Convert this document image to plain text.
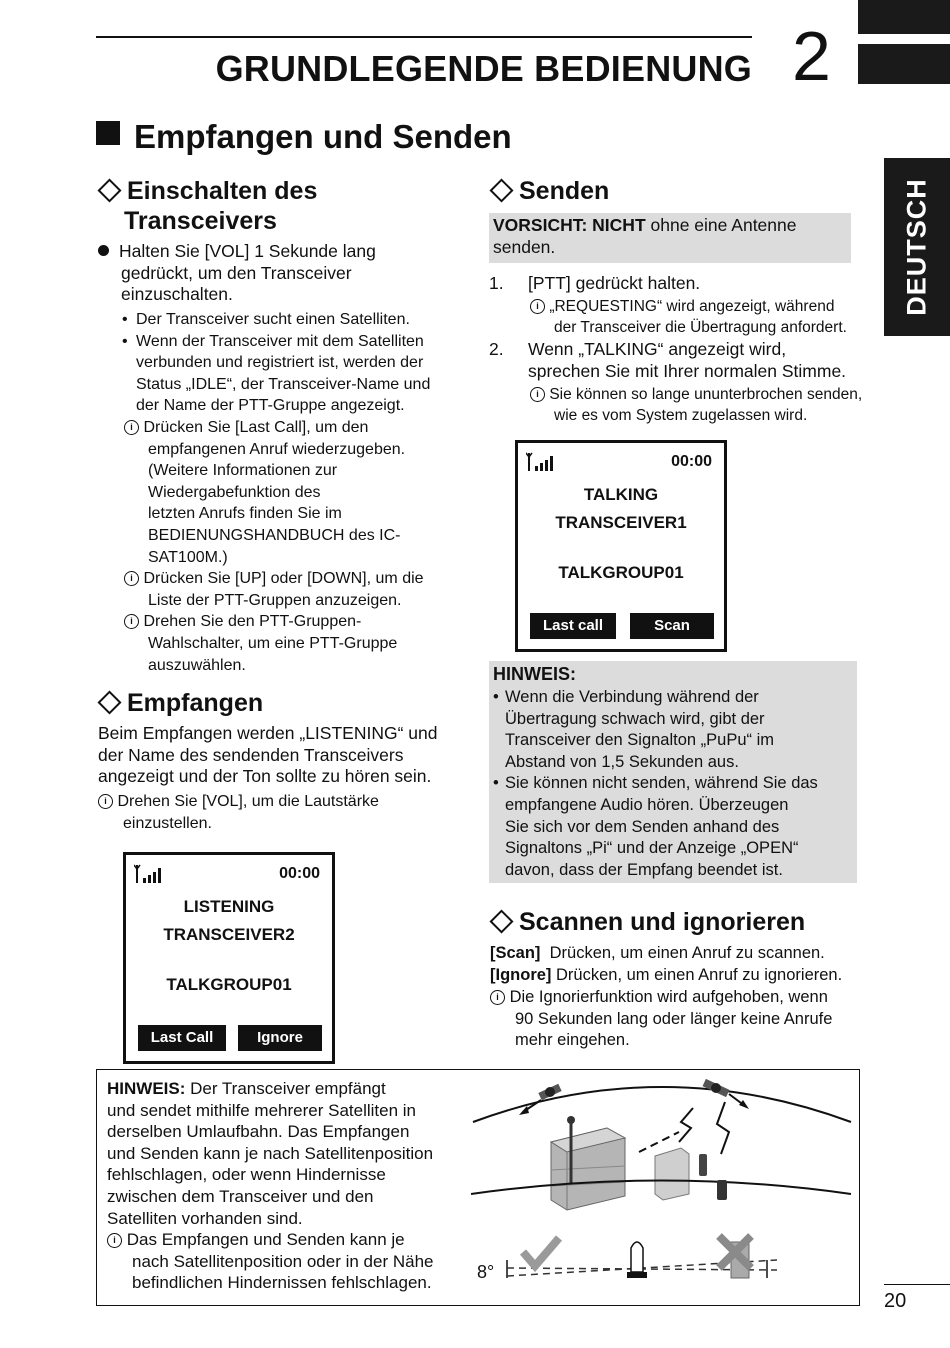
GRUNDLEGENDE BEDIENUNG 2
DEUTSCH
Empfangen und Senden
Einschalten des
Transceivers
Halten Sie [VOL] 1 Sekunde lang
gedrückt, um den Transceiver
einzuschalten.
• Der Transceiver sucht einen Satelliten.
• Wenn der Transceiver mit dem Satelliten
verbunden und registriert ist, werden der
Status „IDLE“, der Transceiver-Name und
der Name der PTT-Gruppe angezeigt.
i Drücken Sie [Last Call], um den
empfangenen Anruf wiederzugeben.
(Weitere Informationen zur
Wiedergabefunktion des
letzten Anrufs finden Sie im
BEDIENUNGSHANDBUCH des IC-
SAT100M.)
i Drücken Sie [UP] oder [DOWN], um die
Liste der PTT-Gruppen anzuzeigen.
i Drehen Sie den PTT-Gruppen-
Wahlschalter, um eine PTT-Gruppe
auszuwählen.
Empfangen
Beim Empfangen werden „LISTENING“ und
der Name des sendenden Transceivers
angezeigt und der Ton sollte zu hören sein.
i Drehen Sie [VOL], um die Lautstärke
einzustellen.
00:00
LISTENING
TRANSCEIVER2
TALKGROUP01
Last Call	Ignore
Senden
VORSICHT: NICHT ohne eine Antenne
senden.
1. [PTT] gedrückt halten.
i „REQUESTING“ wird angezeigt, während
der Transceiver die Übertragung anfordert.
2. Wenn „TALKING“ angezeigt wird,
sprechen Sie mit Ihrer normalen Stimme.
i Sie können so lange ununterbrochen senden,
wie es vom System zugelassen wird.
00:00
TALKING
TRANSCEIVER1
TALKGROUP01
Last call	Scan
HINWEIS:
• Wenn die Verbindung während der
Übertragung schwach wird, gibt der
Transceiver den Signalton „PuPu“ im
Abstand von 1,5 Sekunden aus.
• Sie können nicht senden, während Sie das
empfangene Audio hören. Überzeugen
Sie sich vor dem Senden anhand des
Signaltons „Pi“ und der Anzeige „OPEN“
davon, dass der Empfang beendet ist.
Scannen und ignorieren
[Scan] Drücken, um einen Anruf zu scannen.
[Ignore] Drücken, um einen Anruf zu ignorieren.
i Die Ignorierfunktion wird aufgehoben, wenn
90 Sekunden lang oder länger keine Anrufe
mehr eingehen.
HINWEIS: Der Transceiver empfängt
und sendet mithilfe mehrerer Satelliten in
derselben Umlaufbahn. Das Empfangen
und Senden kann je nach Satellitenposition
fehlschlagen, oder wenn Hindernisse
zwischen dem Transceiver und den
Satelliten vorhanden sind.
i Das Empfangen und Senden kann je
nach Satellitenposition oder in der Nähe
befindlichen Hindernissen fehlschlagen.
8°
20
